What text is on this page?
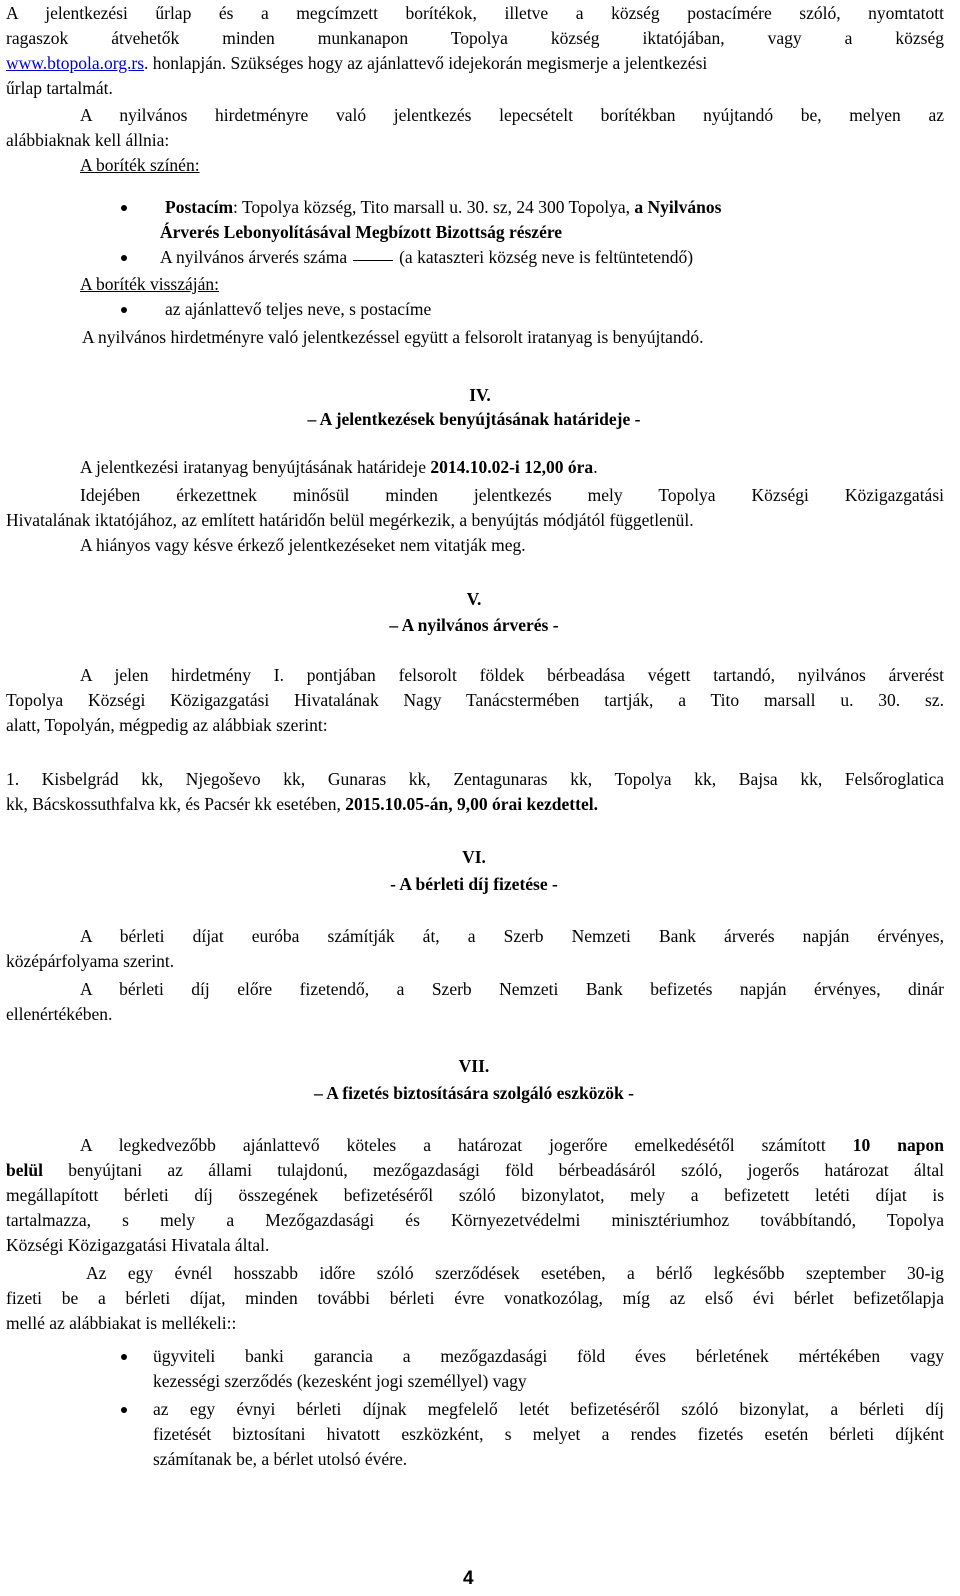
A jelentkezési űrlap és a megcímzett borítékok, illetve a község postacímére szóló, nyomtatott
ragaszok átvehetők minden munkanapon Topolya község iktatójában, vagy a község
www.btopola.org.rs. honlapján. Szükséges hogy az ajánlattevő idejekorán megismerje a jelentkezési
űrlap tartalmát.
A nyilvános hirdetményre való jelentkezés lepecsételt borítékban nyújtandó be, melyen az
alábbiaknak kell állnia:
A boríték színén:
Postacím: Topolya község, Tito marsall u. 30. sz, 24 300 Topolya, a Nyilvános
Árverés Lebonyolításával Megbízott Bizottság részére
A nyilvános árverés száma	(a kataszteri község neve is feltüntetendő)
A boríték visszáján:
az ajánlattevő teljes neve, s postacíme
A nyilvános hirdetményre való jelentkezéssel együtt a felsorolt iratanyag is benyújtandó.
IV.
– A jelentkezések benyújtásának határideje -
A jelentkezési iratanyag benyújtásának határideje 2014.10.02-i 12,00 óra.
Idejében érkezettnek minősül minden jelentkezés mely Topolya Községi Közigazgatási
Hivatalának iktatójához, az említett határidőn belül megérkezik, a benyújtás módjától függetlenül.
A hiányos vagy késve érkező jelentkezéseket nem vitatják meg.
V.
– A nyilvános árverés -
A jelen hirdetmény I. pontjában felsorolt földek bérbeadása végett tartandó, nyilvános árverést
Topolya Községi Közigazgatási Hivatalának Nagy Tanácstermében tartják, a Tito marsall u. 30. sz.
alatt, Topolyán, mégpedig az alábbiak szerint:
1. Kisbelgrád kk, Njegoševo kk, Gunaras kk, Zentagunaras kk, Topolya kk, Bajsa kk, Felsőroglatica
kk, Bácskossuthfalva kk, és Pacsér kk esetében, 2015.10.05-án, 9,00 órai kezdettel.
VI.
- A bérleti díj fizetése -
A bérleti díjat euróba számítják át, a Szerb Nemzeti Bank árverés napján érvényes,
középárfolyama szerint.
A bérleti díj előre fizetendő, a Szerb Nemzeti Bank befizetés napján érvényes, dinár
ellenértékében.
VII.
– A fizetés biztosítására szolgáló eszközök -
A legkedvezőbb ajánlattevő köteles a határozat jogerőre emelkedésétől számított 10 napon
belül benyújtani az állami tulajdonú, mezőgazdasági föld bérbeadásáról szóló, jogerős határozat által
megállapított bérleti díj összegének befizetéséről szóló bizonylatot, mely a befizetett letéti díjat is
tartalmazza, s mely a Mezőgazdasági és Környezetvédelmi minisztériumhoz továbbítandó, Topolya
Községi Közigazgatási Hivatala által.
Az egy évnél hosszabb időre szóló szerződések esetében, a bérlő legkésőbb szeptember 30-ig
fizeti be a bérleti díjat, minden további bérleti évre vonatkozólag, míg az első évi bérlet befizetőlapja
mellé az alábbiakat is mellékeli::
ügyviteli banki garancia a mezőgazdasági föld éves bérletének mértékében vagy
kezességi szerződés (kezesként jogi személlyel) vagy
az egy évnyi bérleti díjnak megfelelő letét befizetéséről szóló bizonylat, a bérleti díj
fizetését biztosítani hivatott eszközként, s melyet a rendes fizetés esetén bérleti díjként
számítanak be, a bérlet utolsó évére.
4
